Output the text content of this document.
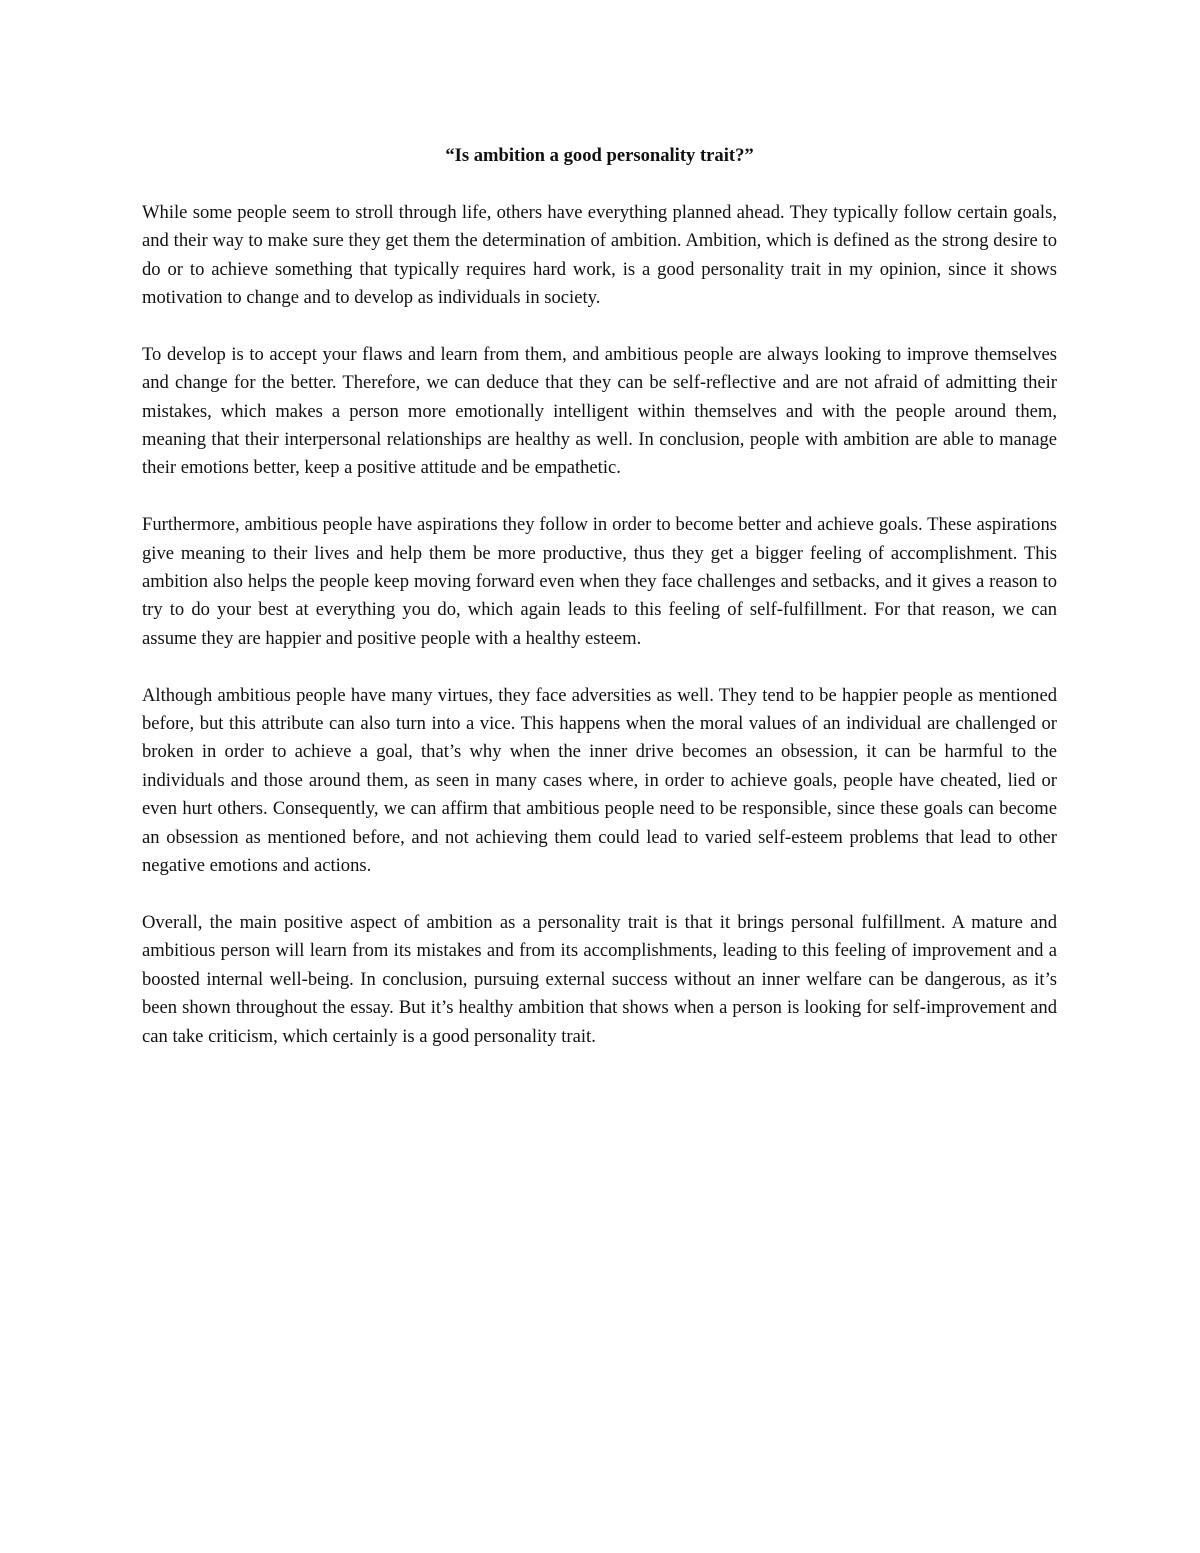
“Is ambition a good personality trait?”

While some people seem to stroll through life, others have everything planned ahead. They typically follow certain goals, and their way to make sure they get them the determination of ambition. Ambition, which is defined as the strong desire to do or to achieve something that typically requires hard work, is a good personality trait in my opinion, since it shows motivation to change and to develop as individuals in society.

To develop is to accept your flaws and learn from them, and ambitious people are always looking to improve themselves and change for the better. Therefore, we can deduce that they can be self-reflective and are not afraid of admitting their mistakes, which makes a person more emotionally intelligent within themselves and with the people around them, meaning that their interpersonal relationships are healthy as well. In conclusion, people with ambition are able to manage their emotions better, keep a positive attitude and be empathetic.

Furthermore, ambitious people have aspirations they follow in order to become better and achieve goals. These aspirations give meaning to their lives and help them be more productive, thus they get a bigger feeling of accomplishment. This ambition also helps the people keep moving forward even when they face challenges and setbacks, and it gives a reason to try to do your best at everything you do, which again leads to this feeling of self-fulfillment. For that reason, we can assume they are happier and positive people with a healthy esteem.

Although ambitious people have many virtues, they face adversities as well. They tend to be happier people as mentioned before, but this attribute can also turn into a vice. This happens when the moral values of an individual are challenged or broken in order to achieve a goal, that’s why when the inner drive becomes an obsession, it can be harmful to the individuals and those around them, as seen in many cases where, in order to achieve goals, people have cheated, lied or even hurt others. Consequently, we can affirm that ambitious people need to be responsible, since these goals can become an obsession as mentioned before, and not achieving them could lead to varied self-esteem problems that lead to other negative emotions and actions.

Overall, the main positive aspect of ambition as a personality trait is that it brings personal fulfillment. A mature and ambitious person will learn from its mistakes and from its accomplishments, leading to this feeling of improvement and a boosted internal well-being. In conclusion, pursuing external success without an inner welfare can be dangerous, as it’s been shown throughout the essay. But it’s healthy ambition that shows when a person is looking for self-improvement and can take criticism, which certainly is a good personality trait.
